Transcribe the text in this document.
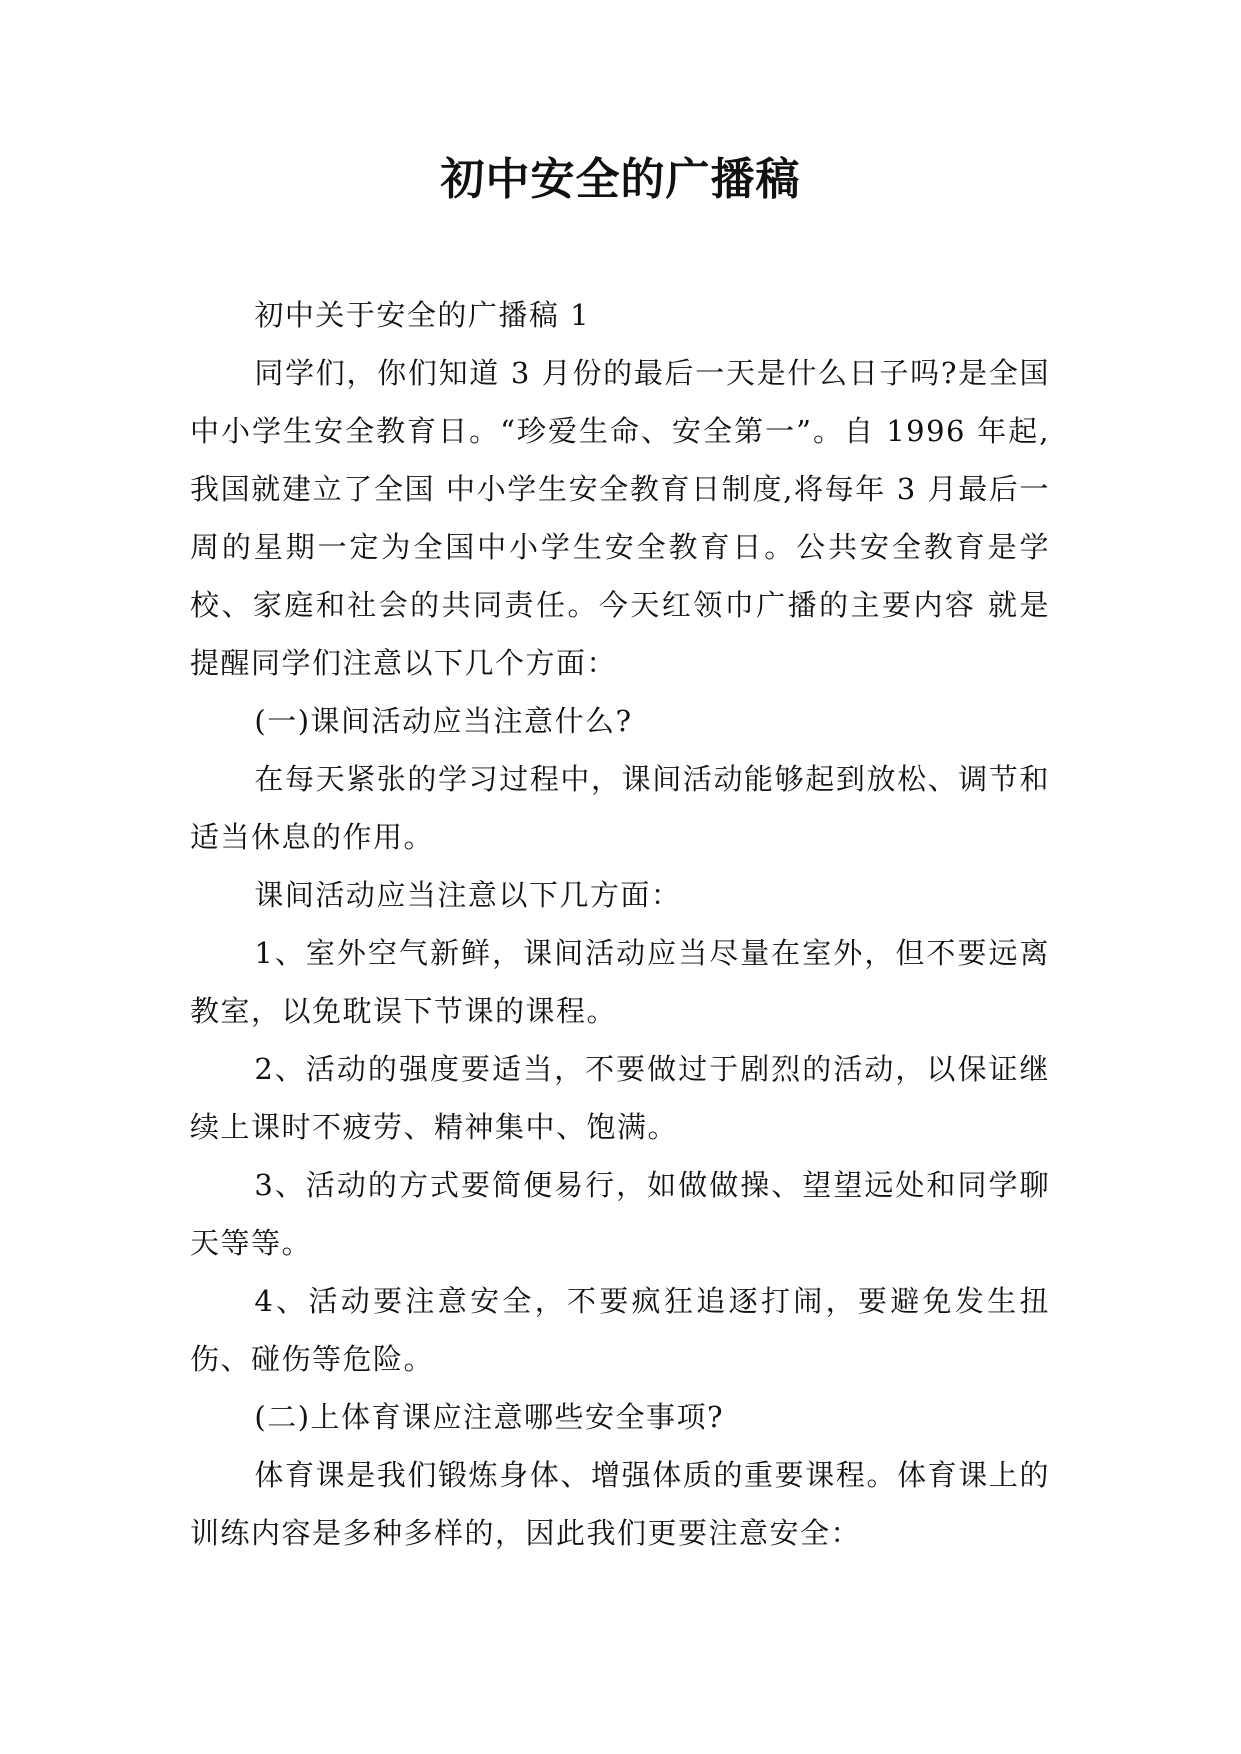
初中安全的广播稿

初中关于安全的广播稿 1

同学们，你们知道 3 月份的最后一天是什么日子吗?是全国中小学生安全教育日。“珍爱生命、安全第一”。自 1996 年起,我国就建立了全国 中小学生安全教育日制度,将每年 3 月最后一周的星期一定为全国中小学生安全教育日。公共安全教育是学校、家庭和社会的共同责任。今天红领巾广播的主要内容 就是提醒同学们注意以下几个方面：

(一)课间活动应当注意什么?

在每天紧张的学习过程中，课间活动能够起到放松、调节和适当休息的作用。

课间活动应当注意以下几方面：

1、室外空气新鲜，课间活动应当尽量在室外，但不要远离教室，以免耽误下节课的课程。

2、活动的强度要适当，不要做过于剧烈的活动，以保证继续上课时不疲劳、精神集中、饱满。

3、活动的方式要简便易行，如做做操、望望远处和同学聊天等等。

4、活动要注意安全，不要疯狂追逐打闹，要避免发生扭伤、碰伤等危险。

(二)上体育课应注意哪些安全事项?

体育课是我们锻炼身体、增强体质的重要课程。体育课上的训练内容是多种多样的，因此我们更要注意安全：
